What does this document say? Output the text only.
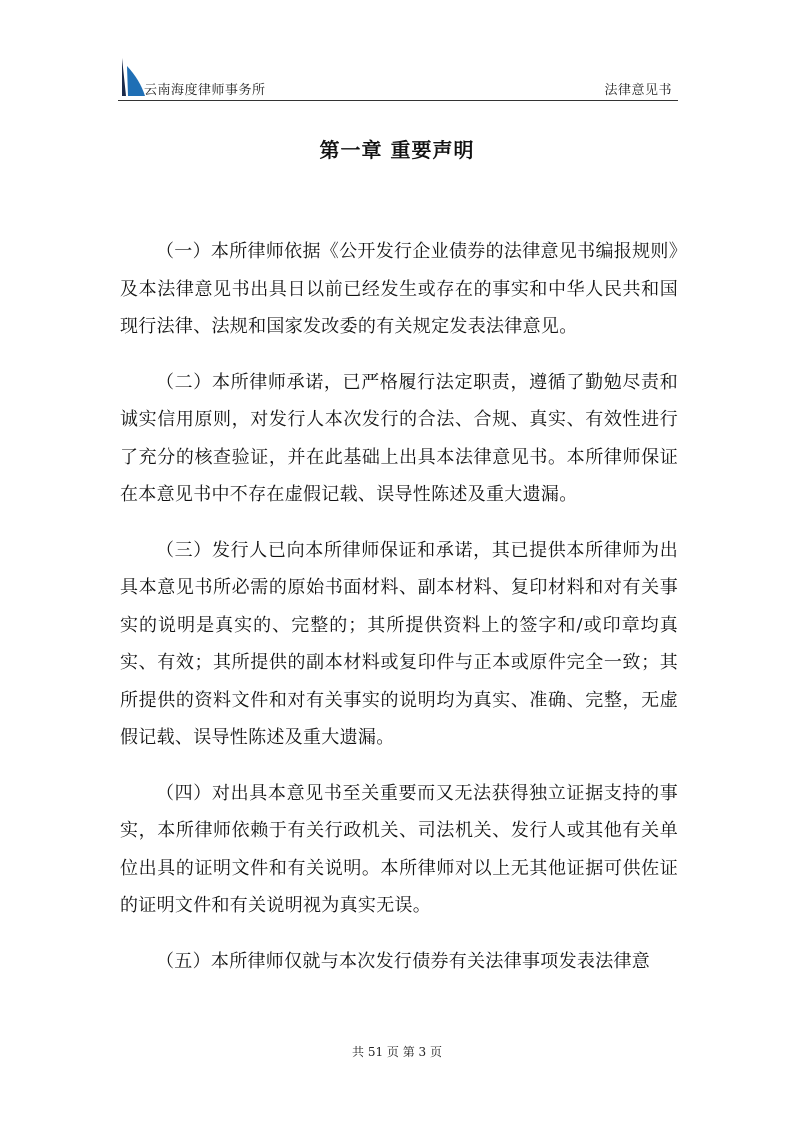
云南海度律师事务所	法律意见书
第一章 重要声明

（一）本所律师依据《公开发行企业债券的法律意见书编报规则》及本法律意见书出具日以前已经发生或存在的事实和中华人民共和国现行法律、法规和国家发改委的有关规定发表法律意见。

（二）本所律师承诺，已严格履行法定职责，遵循了勤勉尽责和诚实信用原则，对发行人本次发行的合法、合规、真实、有效性进行了充分的核查验证，并在此基础上出具本法律意见书。本所律师保证在本意见书中不存在虚假记载、误导性陈述及重大遗漏。

（三）发行人已向本所律师保证和承诺，其已提供本所律师为出具本意见书所必需的原始书面材料、副本材料、复印材料和对有关事实的说明是真实的、完整的；其所提供资料上的签字和/或印章均真实、有效；其所提供的副本材料或复印件与正本或原件完全一致；其所提供的资料文件和对有关事实的说明均为真实、准确、完整，无虚假记载、误导性陈述及重大遗漏。

（四）对出具本意见书至关重要而又无法获得独立证据支持的事实，本所律师依赖于有关行政机关、司法机关、发行人或其他有关单位出具的证明文件和有关说明。本所律师对以上无其他证据可供佐证的证明文件和有关说明视为真实无误。

（五）本所律师仅就与本次发行债券有关法律事项发表法律意

共 51 页 第 3 页
